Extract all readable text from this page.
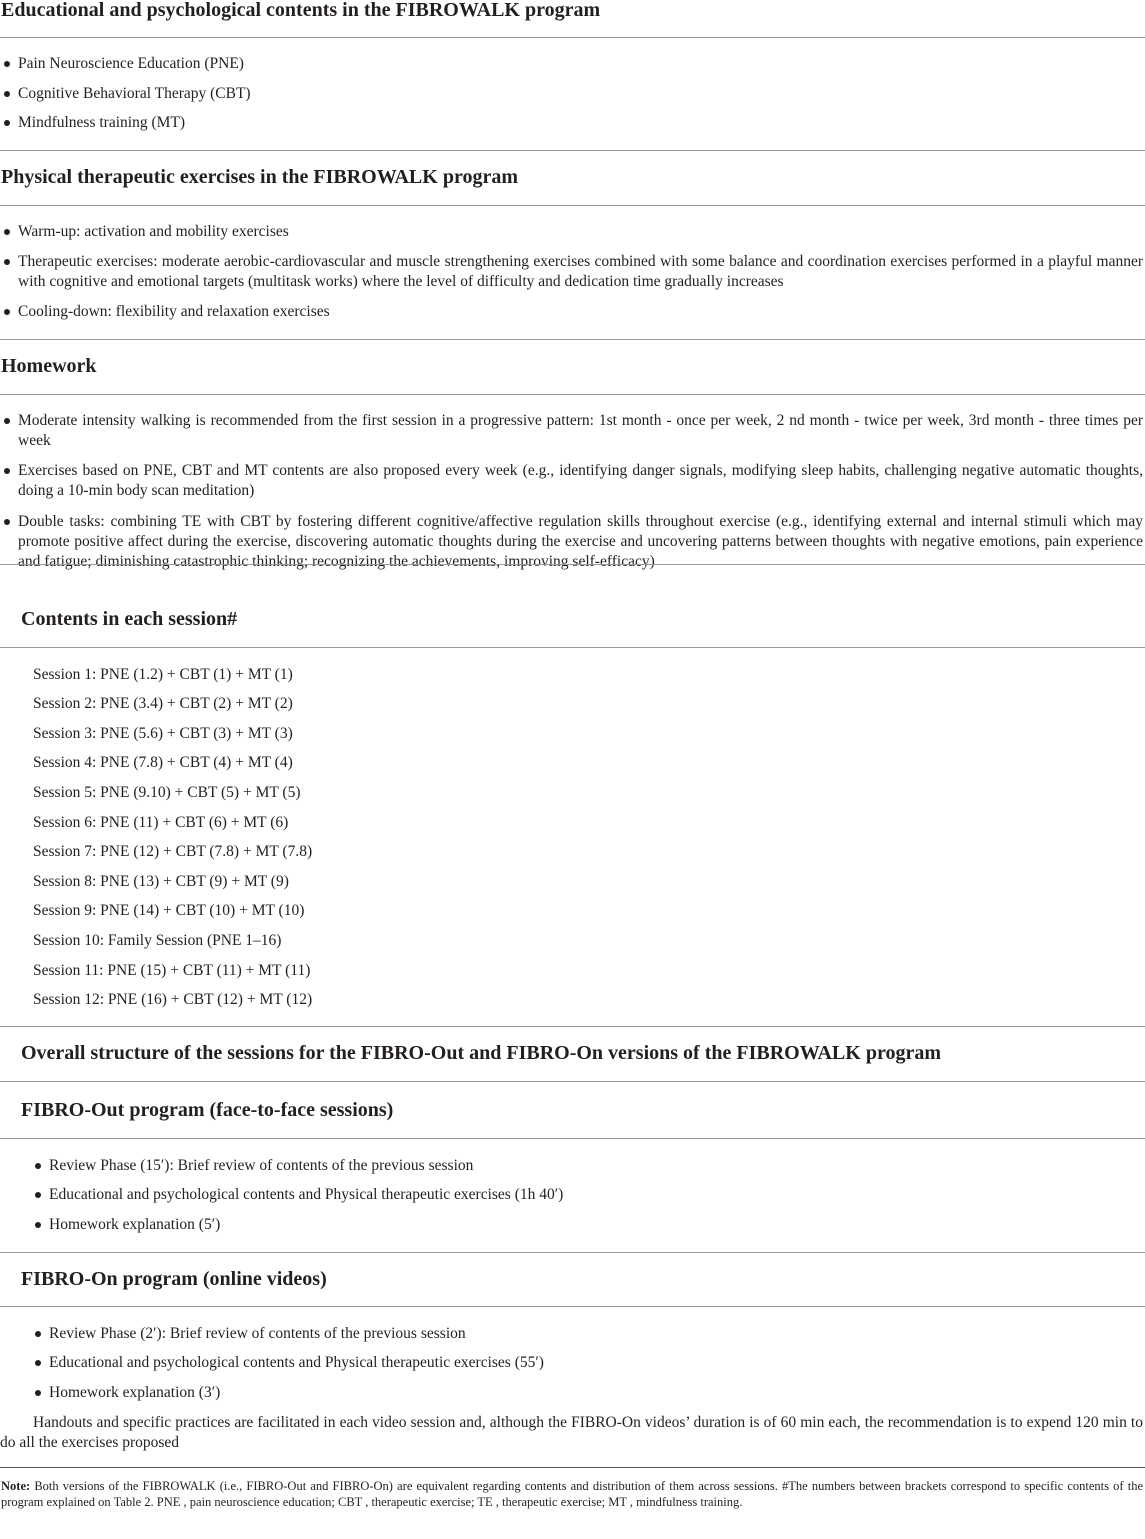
Educational and psychological contents in the FIBROWALK program
Pain Neuroscience Education (PNE)
Cognitive Behavioral Therapy (CBT)
Mindfulness training (MT)
Physical therapeutic exercises in the FIBROWALK program
Warm-up: activation and mobility exercises
Therapeutic exercises: moderate aerobic-cardiovascular and muscle strengthening exercises combined with some balance and coordination exercises performed in a playful manner with cognitive and emotional targets (multitask works) where the level of difficulty and dedication time gradually increases
Cooling-down: flexibility and relaxation exercises
Homework
Moderate intensity walking is recommended from the first session in a progressive pattern: 1st month - once per week, 2 nd month - twice per week, 3rd month - three times per week
Exercises based on PNE, CBT and MT contents are also proposed every week (e.g., identifying danger signals, modifying sleep habits, challenging negative automatic thoughts, doing a 10-min body scan meditation)
Double tasks: combining TE with CBT by fostering different cognitive/affective regulation skills throughout exercise (e.g., identifying external and internal stimuli which may promote positive affect during the exercise, discovering automatic thoughts during the exercise and uncovering patterns between thoughts with negative emotions, pain experience and fatigue; diminishing catastrophic thinking; recognizing the achievements, improving self-efficacy)
Contents in each session#
Session 1: PNE (1.2) + CBT (1) + MT (1)
Session 2: PNE (3.4) + CBT (2) + MT (2)
Session 3: PNE (5.6) + CBT (3) + MT (3)
Session 4: PNE (7.8) + CBT (4) + MT (4)
Session 5: PNE (9.10) + CBT (5) + MT (5)
Session 6: PNE (11) + CBT (6) + MT (6)
Session 7: PNE (12) + CBT (7.8) + MT (7.8)
Session 8: PNE (13) + CBT (9) + MT (9)
Session 9: PNE (14) + CBT (10) + MT (10)
Session 10: Family Session (PNE 1–16)
Session 11: PNE (15) + CBT (11) + MT (11)
Session 12: PNE (16) + CBT (12) + MT (12)
Overall structure of the sessions for the FIBRO-Out and FIBRO-On versions of the FIBROWALK program
FIBRO-Out program (face-to-face sessions)
Review Phase (15′): Brief review of contents of the previous session
Educational and psychological contents and Physical therapeutic exercises (1h 40′)
Homework explanation (5′)
FIBRO-On program (online videos)
Review Phase (2′): Brief review of contents of the previous session
Educational and psychological contents and Physical therapeutic exercises (55′)
Homework explanation (3′)
Handouts and specific practices are facilitated in each video session and, although the FIBRO-On videos’ duration is of 60 min each, the recommendation is to expend 120 min to do all the exercises proposed
Note: Both versions of the FIBROWALK (i.e., FIBRO-Out and FIBRO-On) are equivalent regarding contents and distribution of them across sessions. #The numbers between brackets correspond to specific contents of the program explained on Table 2. PNE , pain neuroscience education; CBT , therapeutic exercise; TE , therapeutic exercise; MT , mindfulness training.
